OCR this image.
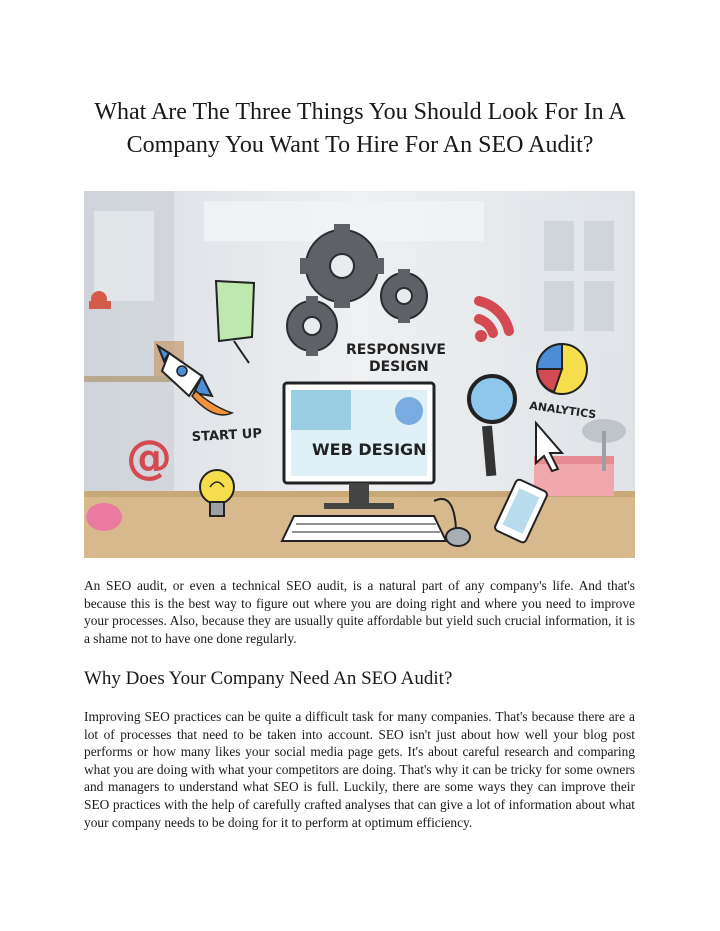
What Are The Three Things You Should Look For In A Company You Want To Hire For An SEO Audit?
RESPONSIVE
DESIGN
ANALYTICS
START UP
@	WEB DESIGN

An SEO audit, or even a technical SEO audit, is a natural part of any company's life. And that's because this is the best way to figure out where you are doing right and where you need to improve your processes. Also, because they are usually quite affordable but yield such crucial information, it is a shame not to have one done regularly.

Why Does Your Company Need An SEO Audit?

Improving SEO practices can be quite a difficult task for many companies. That's because there are a lot of processes that need to be taken into account. SEO isn't just about how well your blog post performs or how many likes your social media page gets. It's about careful research and comparing what you are doing with what your competitors are doing. That's why it can be tricky for some owners and managers to understand what SEO is full. Luckily, there are some ways they can improve their SEO practices with the help of carefully crafted analyses that can give a lot of information about what your company needs to be doing for it to perform at optimum efficiency.
